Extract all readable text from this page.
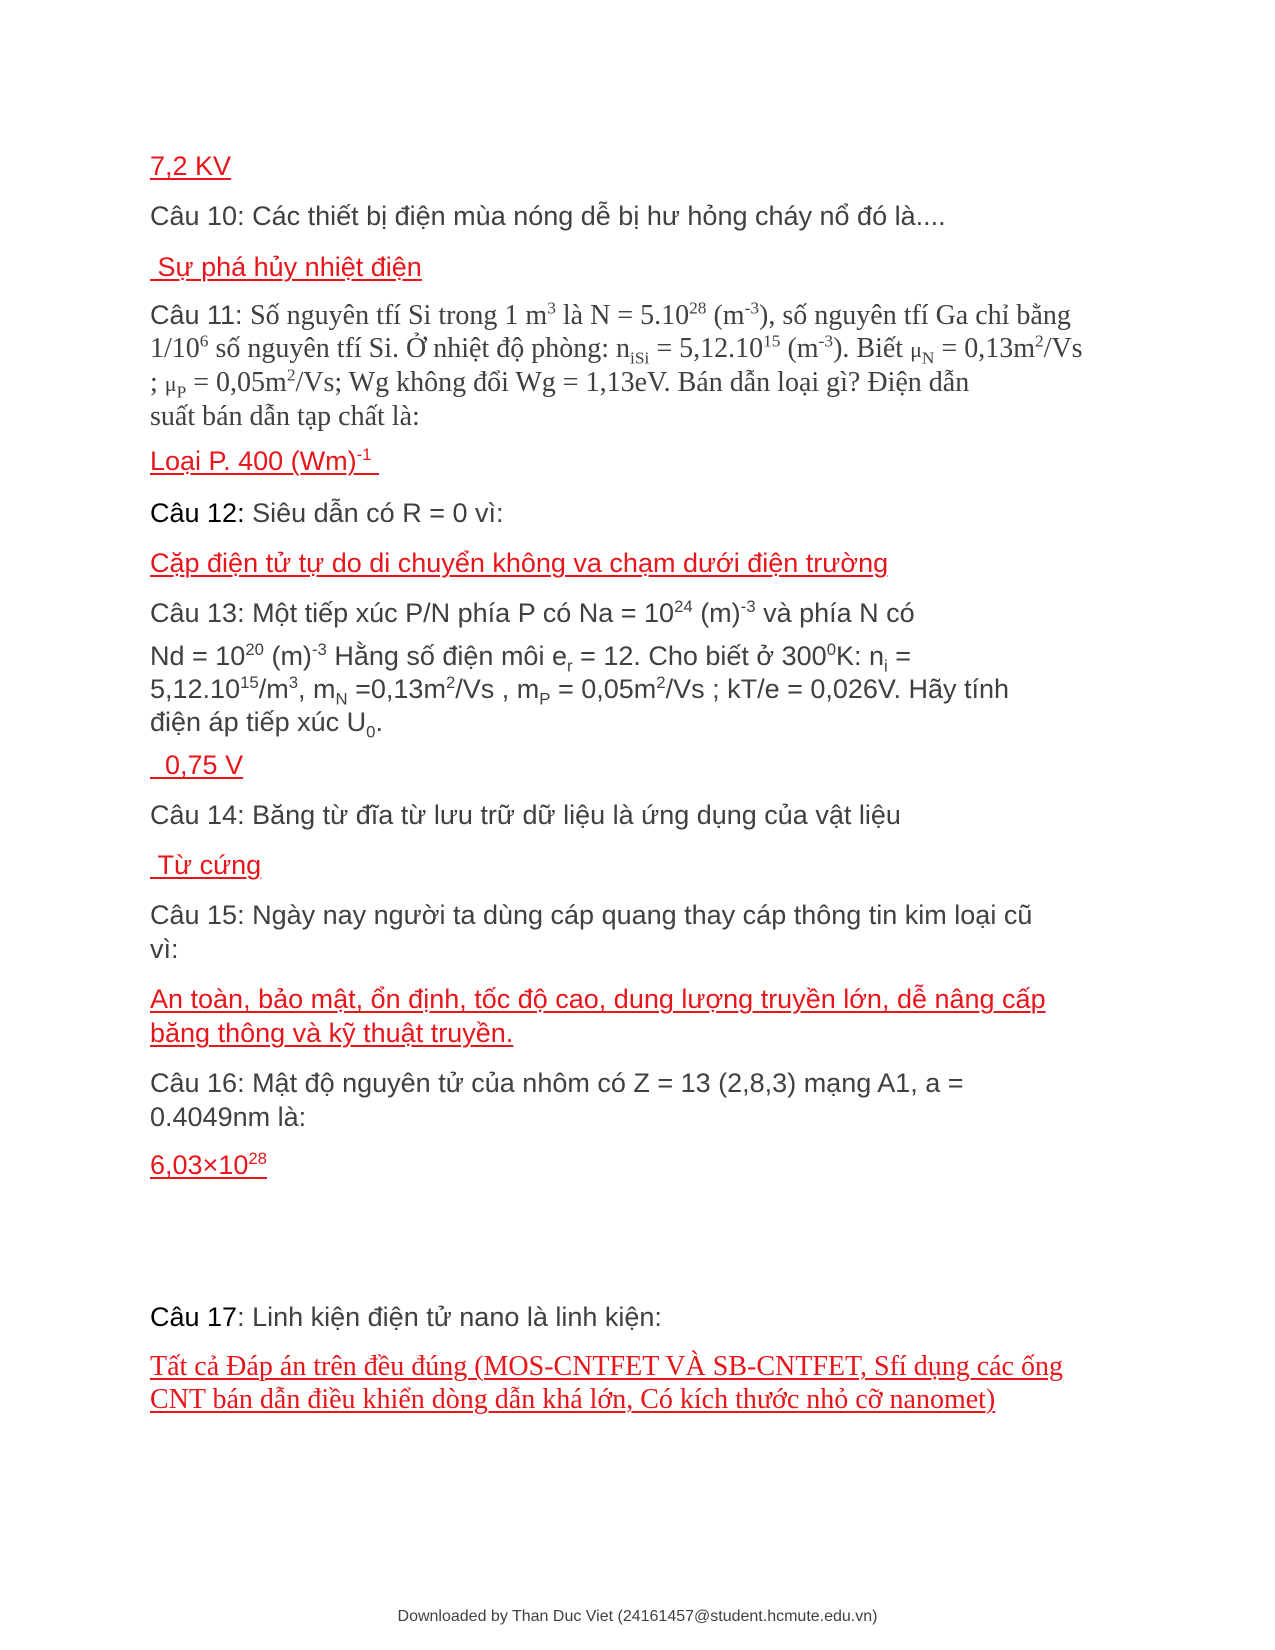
7,2 KV
Câu 10: Các thiết bị điện mùa nóng dễ bị hư hỏng cháy nổ đó là....
Sự phá hủy nhiệt điện
Câu 11: Số nguyên tfí Si trong 1 $m^3$ là $N = 5.10^{28}$ $(m^{-3})$, số nguyên tfí Ga chỉ bằng
$1/10^6$ số nguyên tfí Si. Ở nhiệt độ phòng: $n_{iSi} = 5,12.10^{15}$ $(m^{-3})$. Biết $\mu_N = 0,13m^2/Vs$
; $\mu_P = 0,05m^2/Vs$; Wg không đổi Wg = 1,13eV. Bán dẫn loại gì? Điện dẫn
suất bán dẫn tạp chất là:
Loại P. 400 $(Wm)^{-1}$
Câu 12: Siêu dẫn có R = 0 vì:
Cặp điện tử tự do di chuyển không va chạm dưới điện trường
Câu 13: Một tiếp xúc P/N phía P có $Na = 10^{24}$ $(m)^{-3}$ và phía N có
$Nd = 10^{20}$ $(m)^{-3}$ Hằng số điện môi $e_r = 12$. Cho biết ở $300^0K$: $n_i$ =
$5,12.10^{15}/m^3$, $m_N =0,13m^2/Vs$ , $m_P = 0,05m^2/Vs$ ; kT/e = 0,026V. Hãy tính
điện áp tiếp xúc $U_0$.
0,75 V
Câu 14: Băng từ đĩa từ lưu trữ dữ liệu là ứng dụng của vật liệu
Từ cứng
Câu 15: Ngày nay người ta dùng cáp quang thay cáp thông tin kim loại cũ
vì:
An toàn, bảo mật, ổn định, tốc độ cao, dung lượng truyền lớn, dễ nâng cấp
băng thông và kỹ thuật truyền.
Câu 16: Mật độ nguyên tử của nhôm có Z = 13 (2,8,3) mạng A1, a =
0.4049nm là:
$6,03\times 10^{28}$
Câu 17: Linh kiện điện tử nano là linh kiện:
Tất cả Đáp án trên đều đúng (MOS-CNTFET VÀ SB-CNTFET, Sfí dụng các ống
CNT bán dẫn điều khiển dòng dẫn khá lớn, Có kích thước nhỏ cỡ nanomet)
Downloaded by Than Duc Viet (24161457@student.hcmute.edu.vn)
